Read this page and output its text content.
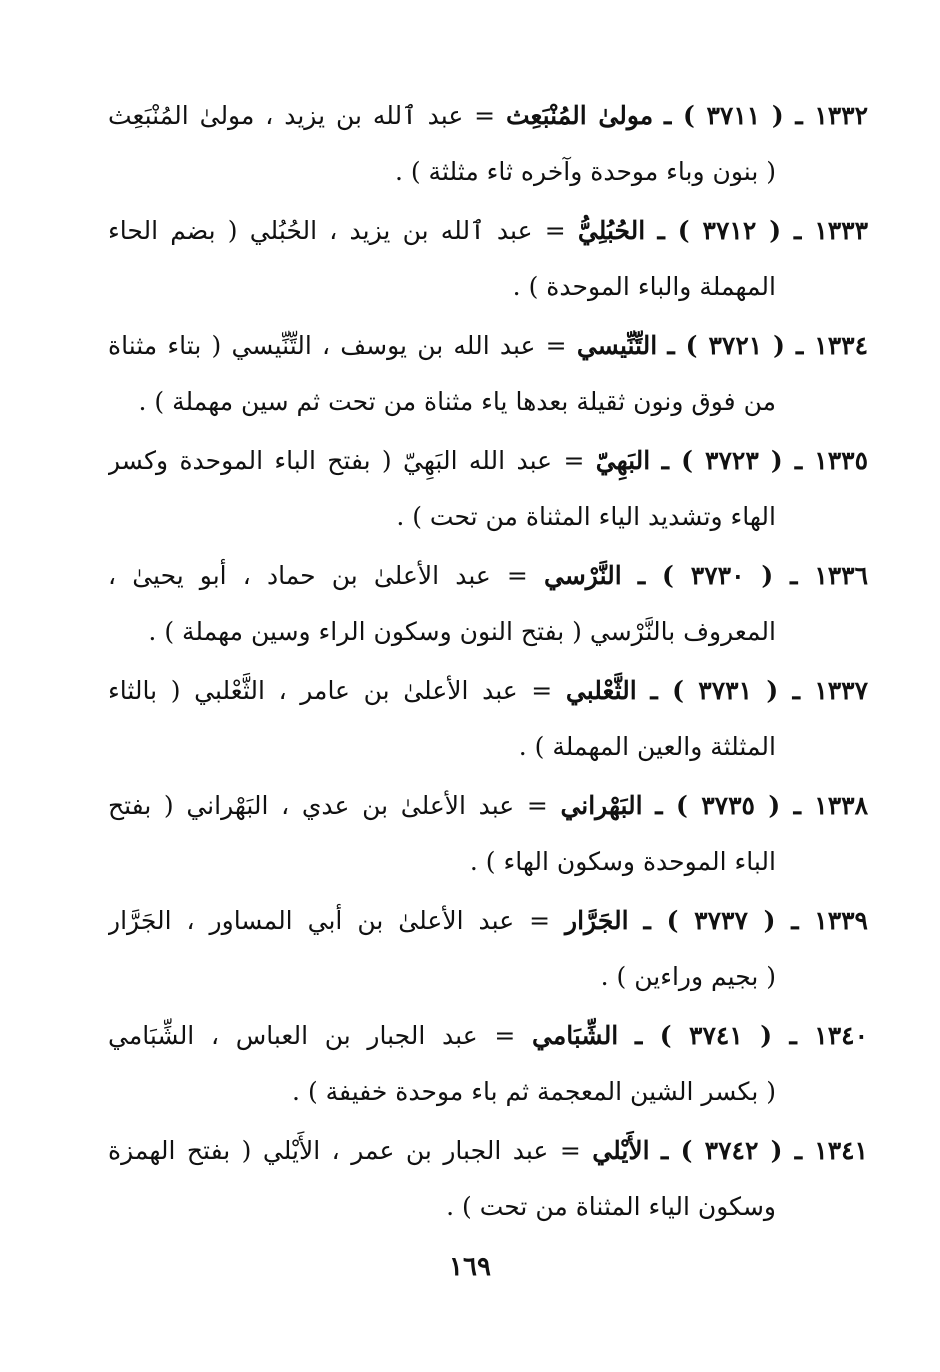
١٣٣٢ ـ ( ٣٧١١ ) ـ مولىٰ المُنْبَعِث = عبد ٱلله بن يزيد ، مولىٰ المُنْبَعِث
( بنون وباء موحدة وآخره ثاء مثلثة ) .
١٣٣٣ ـ ( ٣٧١٢ ) ـ الحُبُلِيُّ = عبد ٱلله بن يزيد ، الحُبُلي ( بضم الحاء
المهملة والباء الموحدة ) .
١٣٣٤ ـ ( ٣٧٢١ ) ـ التِّنِّيسي = عبد الله بن يوسف ، التِّنِّيسي ( بتاء مثناة
من فوق ونون ثقيلة بعدها ياء مثناة من تحت ثم سين مهملة ) .
١٣٣٥ ـ ( ٣٧٢٣ ) ـ البَهِيّ = عبد الله البَهِيّ ( بفتح الباء الموحدة وكسر
الهاء وتشديد الياء المثناة من تحت ) .
١٣٣٦ ـ ( ٣٧٣٠ ) ـ النَّرْسي = عبد الأعلىٰ بن حماد ، أبو يحيىٰ ،
المعروف بالنَّرْسي ( بفتح النون وسكون الراء وسين مهملة ) .
١٣٣٧ ـ ( ٣٧٣١ ) ـ الثَّعْلبي = عبد الأعلىٰ بن عامر ، الثَّعْلبي ( بالثاء
المثلثة والعين المهملة ) .
١٣٣٨ ـ ( ٣٧٣٥ ) ـ البَهْراني = عبد الأعلىٰ بن عدي ، البَهْراني ( بفتح
الباء الموحدة وسكون الهاء ) .
١٣٣٩ ـ ( ٣٧٣٧ ) ـ الجَرَّار = عبد الأعلىٰ بن أبي المساور ، الجَرَّار
( بجيم وراءين ) .
١٣٤٠ ـ ( ٣٧٤١ ) ـ الشِّبَامي = عبد الجبار بن العباس ، الشِّبَامي
( بكسر الشين المعجمة ثم باء موحدة خفيفة ) .
١٣٤١ ـ ( ٣٧٤٢ ) ـ الأَيْلي = عبد الجبار بن عمر ، الأَيْلي ( بفتح الهمزة
وسكون الياء المثناة من تحت ) .
١٦٩
